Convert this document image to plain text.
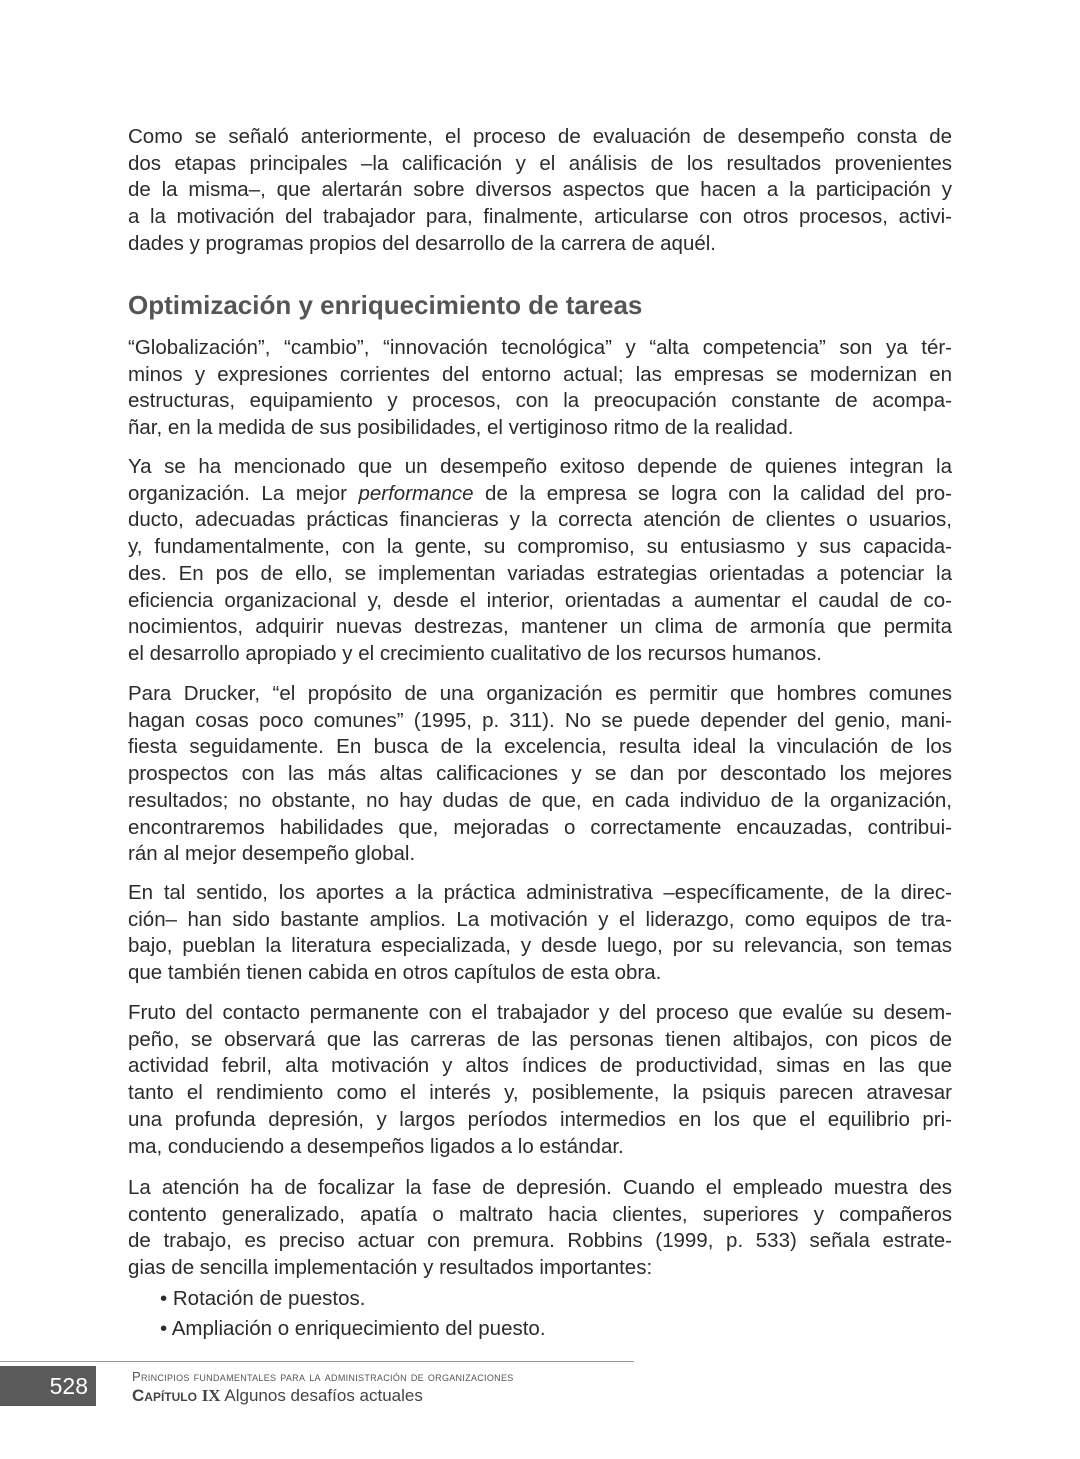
Como se señaló anteriormente, el proceso de evaluación de desempeño consta de
dos etapas principales –la calificación y el análisis de los resultados provenientes
de la misma–, que alertarán sobre diversos aspectos que hacen a la participación y
a la motivación del trabajador para, finalmente, articularse con otros procesos, activi-
dades y programas propios del desarrollo de la carrera de aquél.
“Globalización”, “cambio”, “innovación tecnológica” y “alta competencia” son ya tér-
minos y expresiones corrientes del entorno actual; las empresas se modernizan en
estructuras, equipamiento y procesos, con la preocupación constante de acompa-
ñar, en la medida de sus posibilidades, el vertiginoso ritmo de la realidad.
Ya se ha mencionado que un desempeño exitoso depende de quienes integran la
organización. La mejor performance de la empresa se logra con la calidad del pro-
ducto, adecuadas prácticas financieras y la correcta atención de clientes o usuarios,
y, fundamentalmente, con la gente, su compromiso, su entusiasmo y sus capacida-
des. En pos de ello, se implementan variadas estrategias orientadas a potenciar la
eficiencia organizacional y, desde el interior, orientadas a aumentar el caudal de co-
nocimientos, adquirir nuevas destrezas, mantener un clima de armonía que permita
el desarrollo apropiado y el crecimiento cualitativo de los recursos humanos.
Para Drucker, “el propósito de una organización es permitir que hombres comunes
hagan cosas poco comunes” (1995, p. 311). No se puede depender del genio, mani-
fiesta seguidamente. En busca de la excelencia, resulta ideal la vinculación de los
prospectos con las más altas calificaciones y se dan por descontado los mejores
resultados; no obstante, no hay dudas de que, en cada individuo de la organización,
encontraremos habilidades que, mejoradas o correctamente encauzadas, contribui-
rán al mejor desempeño global.
En tal sentido, los aportes a la práctica administrativa –específicamente, de la direc-
ción– han sido bastante amplios. La motivación y el liderazgo, como equipos de tra-
bajo, pueblan la literatura especializada, y desde luego, por su relevancia, son temas
que también tienen cabida en otros capítulos de esta obra.
Fruto del contacto permanente con el trabajador y del proceso que evalúe su desem-
peño, se observará que las carreras de las personas tienen altibajos, con picos de
actividad febril, alta motivación y altos índices de productividad, simas en las que
tanto el rendimiento como el interés y, posiblemente, la psiquis parecen atravesar
una profunda depresión, y largos períodos intermedios en los que el equilibrio pri-
ma, conduciendo a desempeños ligados a lo estándar.
La atención ha de focalizar la fase de depresión. Cuando el empleado muestra des
contento generalizado, apatía o maltrato hacia clientes, superiores y compañeros
de trabajo, es preciso actuar con premura. Robbins (1999, p. 533) señala estrate-
gias de sencilla implementación y resultados importantes:
Optimización y enriquecimiento de tareas
• Rotación de puestos.
• Ampliación o enriquecimiento del puesto.
528	Principios fundamentales para la administración de organizaciones
Capítulo IX Algunos desafíos actuales
